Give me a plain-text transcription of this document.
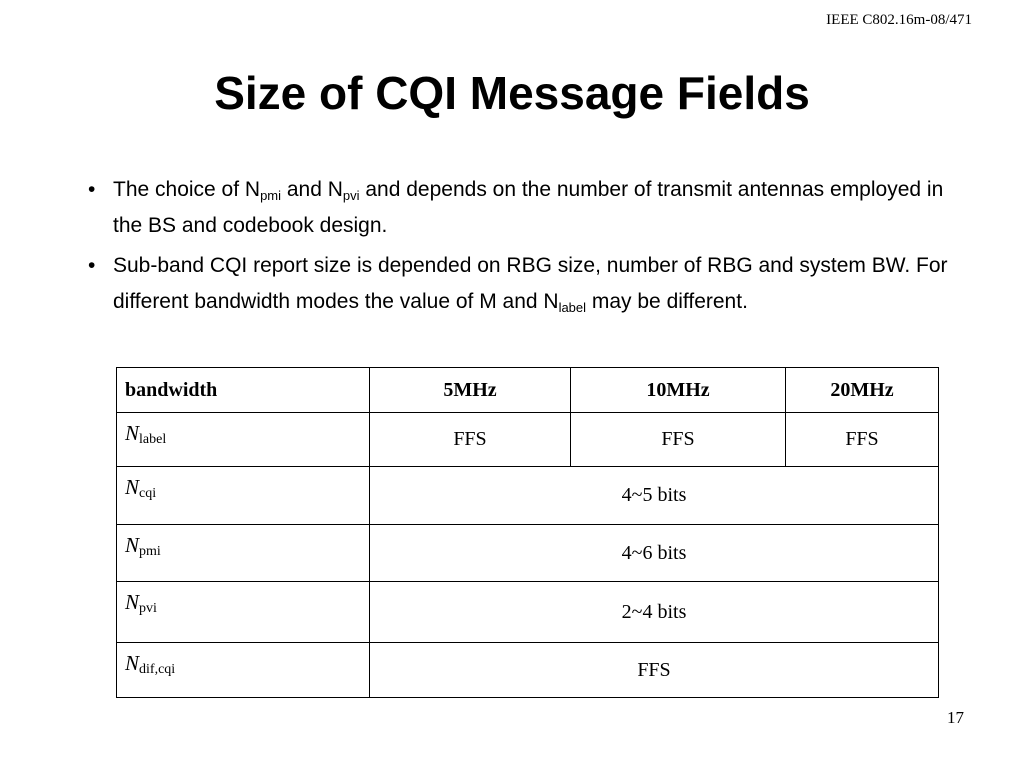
IEEE C802.16m-08/471
Size of CQI Message Fields
• The choice of $N_{pmi}$ and $N_{pvi}$ and depends on the number of transmit antennas employed in the BS and codebook design.
• Sub-band CQI report size is depended on RBG size, number of RBG and system BW. For different bandwidth modes the value of M and $N_{label}$ may be different.
bandwidth	5MHz	10MHz	20MHz
$N_{label}$	FFS	FFS	FFS
$N_{cqi}$	4~5 bits		
$N_{pmi}$	4~6 bits		
$N_{pvi}$	2~4 bits		
$N_{dif,cqi}$	FFS		
17
